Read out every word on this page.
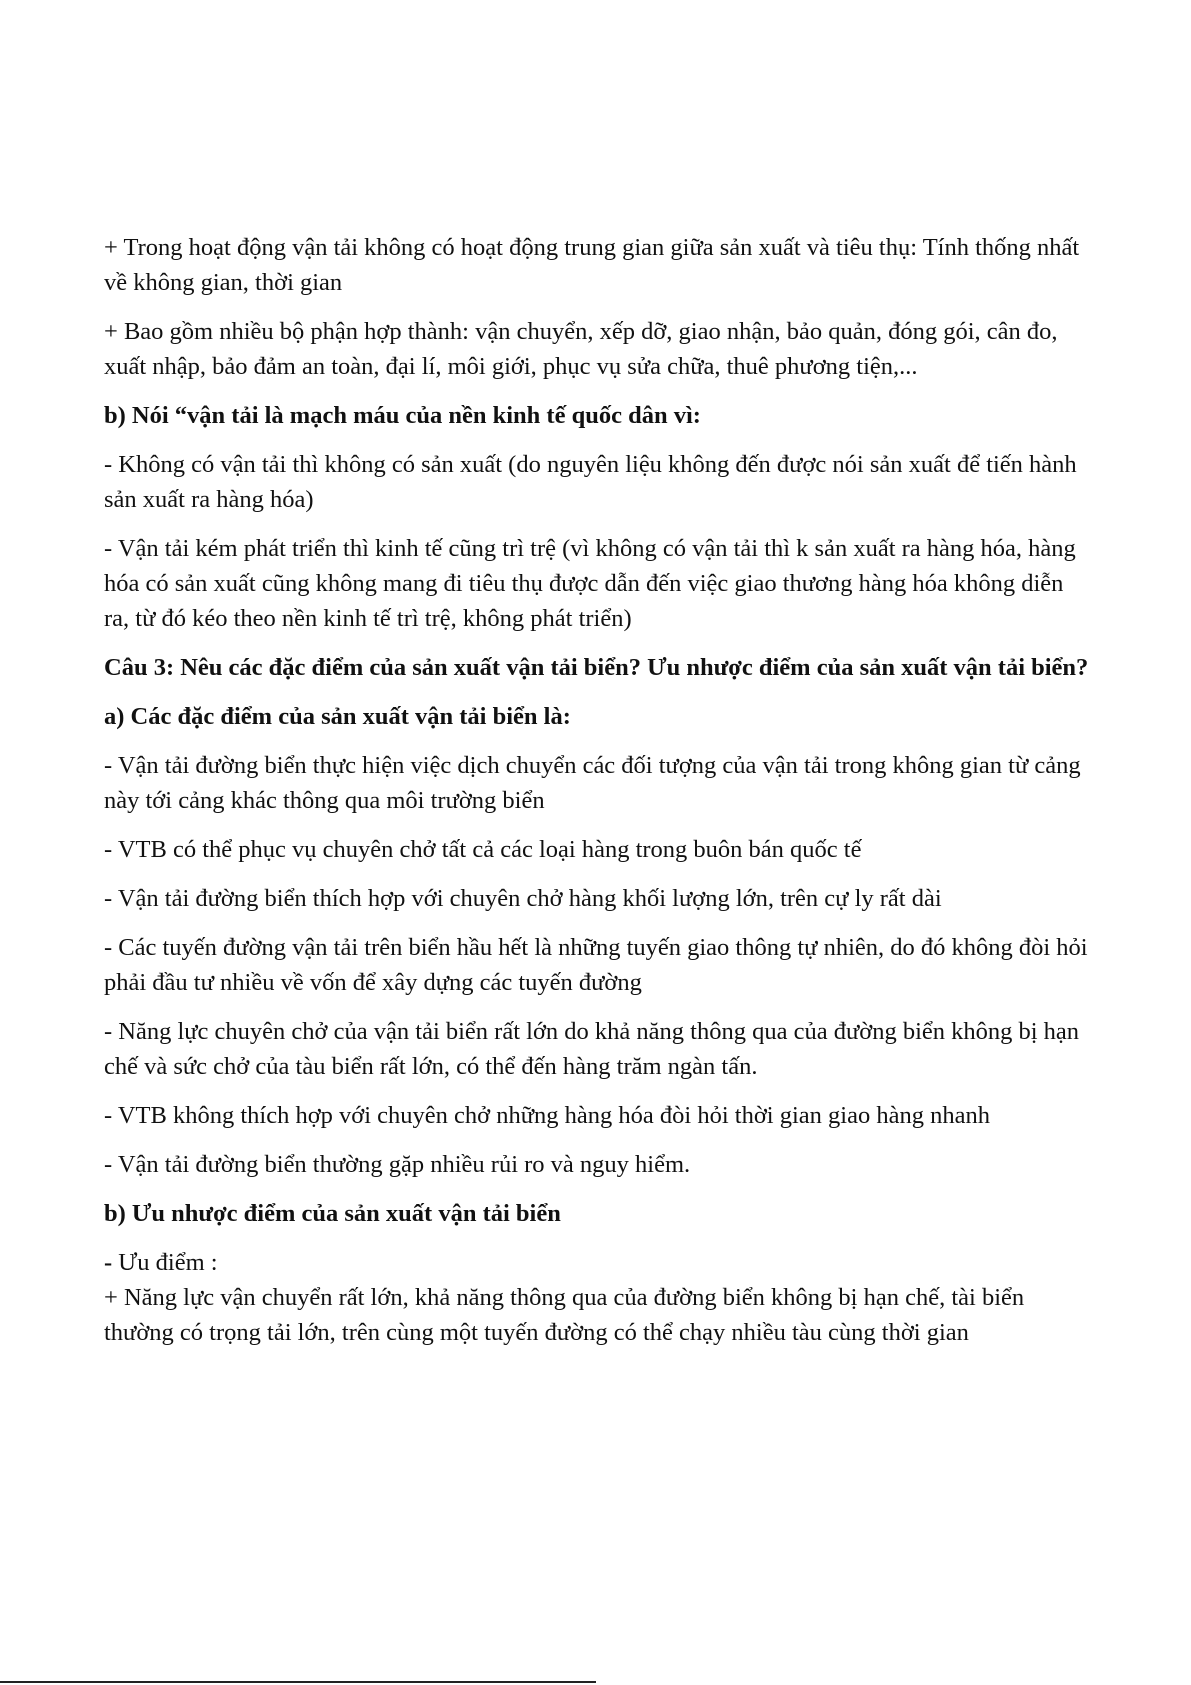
+ Trong hoạt động vận tải không có hoạt động trung gian giữa sản xuất và tiêu thụ: Tính thống nhất về không gian, thời gian

+ Bao gồm nhiều bộ phận hợp thành: vận chuyển, xếp dỡ, giao nhận, bảo quản, đóng gói, cân đo, xuất nhập, bảo đảm an toàn, đại lí, môi giới, phục vụ sửa chữa, thuê phương tiện,...

b) Nói “vận tải là mạch máu của nền kinh tế quốc dân vì:

- Không có vận tải thì không có sản xuất (do nguyên liệu không đến được nói sản xuất để tiến hành sản xuất ra hàng hóa)

- Vận tải kém phát triển thì kinh tế cũng trì trệ (vì không có vận tải thì k sản xuất ra hàng hóa, hàng hóa có sản xuất cũng không mang đi tiêu thụ được dẫn đến việc giao thương hàng hóa không diễn ra, từ đó kéo theo nền kinh tế trì trệ, không phát triển)

Câu 3: Nêu các đặc điểm của sản xuất vận tải biển? Ưu nhược điểm của sản xuất vận tải biển?

a) Các đặc điểm của sản xuất vận tải biển là:

- Vận tải đường biển thực hiện việc dịch chuyển các đối tượng của vận tải trong không gian từ cảng này tới cảng khác thông qua môi trường biển

- VTB có thể phục vụ chuyên chở tất cả các loại hàng trong buôn bán quốc tế

- Vận tải đường biển thích hợp với chuyên chở hàng khối lượng lớn, trên cự ly rất dài

- Các tuyến đường vận tải trên biển hầu hết là những tuyến giao thông tự nhiên, do đó không đòi hỏi phải đầu tư nhiều về vốn để xây dựng các tuyến đường

- Năng lực chuyên chở của vận tải biển rất lớn do khả năng thông qua của đường biển không bị hạn chế và sức chở của tàu biển rất lớn, có thể đến hàng trăm ngàn tấn.

- VTB không thích hợp với chuyên chở những hàng hóa đòi hỏi thời gian giao hàng nhanh

- Vận tải đường biển thường gặp nhiều rủi ro và nguy hiểm.

b) Ưu nhược điểm của sản xuất vận tải biển

- Ưu điểm :

+ Năng lực vận chuyển rất lớn, khả năng thông qua của đường biển không bị hạn chế, tài biển thường có trọng tải lớn, trên cùng một tuyến đường có thể chạy nhiều tàu cùng thời gian
